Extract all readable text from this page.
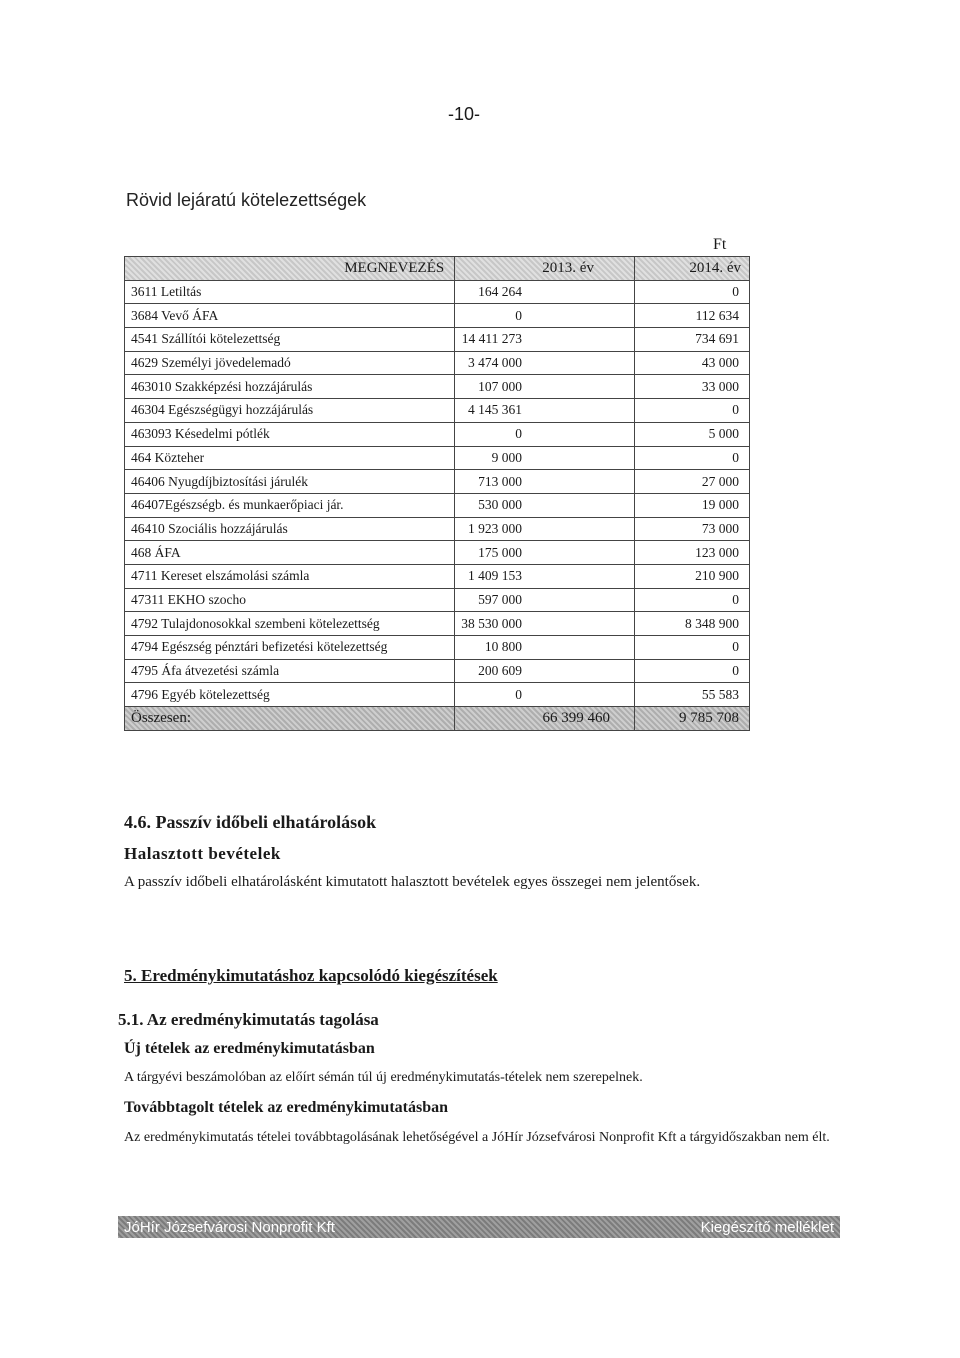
-10-
Rövid lejáratú kötelezettségek
Ft
MEGNEVEZÉS	2013. év	2014. év
3611 Letiltás	164 264	0
3684 Vevő ÁFA	0	112 634
4541 Szállítói kötelezettség	14 411 273	734 691
4629 Személyi jövedelemadó	3 474 000	43 000
463010 Szakképzési hozzájárulás	107 000	33 000
46304 Egészségügyi hozzájárulás	4 145 361	0
463093 Késedelmi pótlék	0	5 000
464 Közteher	9 000	0
46406 Nyugdíjbiztosítási járulék	713 000	27 000
46407Egészségb. és munkaerőpiaci jár.	530 000	19 000
46410 Szociális hozzájárulás	1 923 000	73 000
468 ÁFA	175 000	123 000
4711 Kereset elszámolási számla	1 409 153	210 900
47311 EKHO szocho	597 000	0
4792 Tulajdonosokkal szembeni kötelezettség	38 530 000	8 348 900
4794 Egészség pénztári befizetési kötelezettség	10 800	0
4795 Áfa átvezetési számla	200 609	0
4796 Egyéb kötelezettség	0	55 583
Összesen:	66 399 460	9 785 708
4.6. Passzív időbeli elhatárolások
Halasztott bevételek
A passzív időbeli elhatárolásként kimutatott halasztott bevételek egyes összegei nem jelentősek.
5. Eredménykimutatáshoz kapcsolódó kiegészítések
5.1. Az eredménykimutatás tagolása
Új tételek az eredménykimutatásban
A tárgyévi beszámolóban az előírt sémán túl új eredménykimutatás-tételek nem szerepelnek.
Továbbtagolt tételek az eredménykimutatásban
Az eredménykimutatás tételei továbbtagolásának lehetőségével a JóHír Józsefvárosi Nonprofit Kft a tárgyidőszakban nem élt.
JóHír Józsefvárosi Nonprofit Kft	Kiegészítő melléklet
